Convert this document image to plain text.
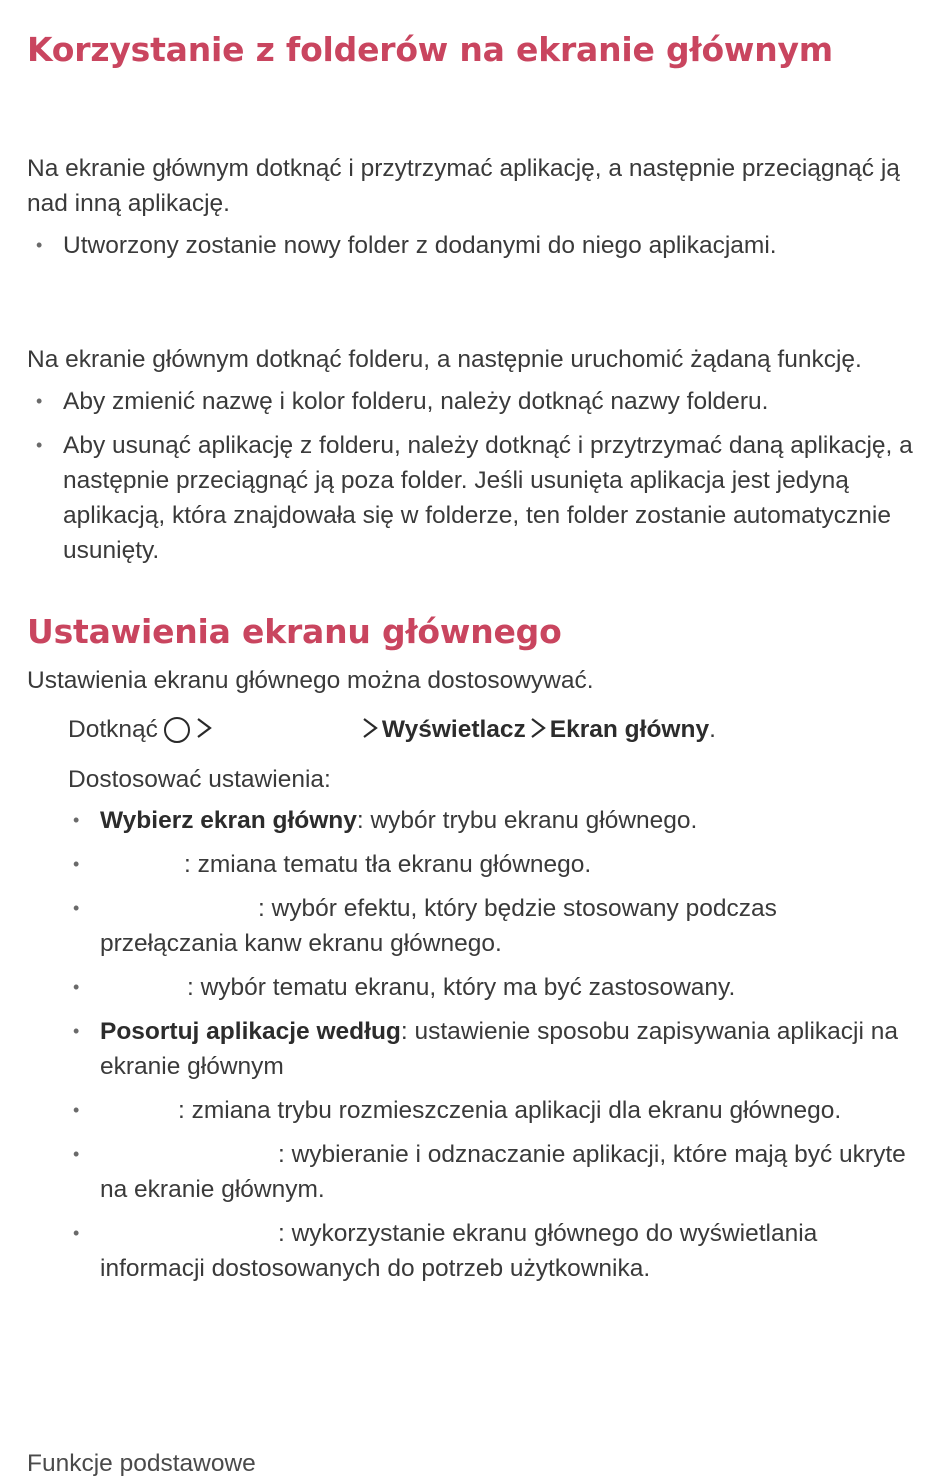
Korzystanie z folderów na ekranie głównym

Na ekranie głównym dotknąć i przytrzymać aplikację, a następnie przeciągnąć ją nad inną aplikację.

• Utworzony zostanie nowy folder z dodanymi do niego aplikacjami.

Na ekranie głównym dotknąć folderu, a następnie uruchomić żądaną funkcję.

• Aby zmienić nazwę i kolor folderu, należy dotknąć nazwy folderu.
• Aby usunąć aplikację z folderu, należy dotknąć i przytrzymać daną aplikację, a następnie przeciągnąć ją poza folder. Jeśli usunięta aplikacja jest jedyną aplikacją, która znajdowała się w folderze, ten folder zostanie automatycznie usunięty.
Ustawienia ekranu głównego

Ustawienia ekranu głównego można dostosowywać.

Dotknąć	Wyświetlacz Ekran główny.

Dostosować ustawienia:

• Wybierz ekran główny: wybór trybu ekranu głównego.
•	: zmiana tematu tła ekranu głównego.
•	: wybór efektu, który będzie stosowany podczas przełączania kanw ekranu głównego.
•	: wybór tematu ekranu, który ma być zastosowany.
• Posortuj aplikacje według: ustawienie sposobu zapisywania aplikacji na ekranie głównym
•	: zmiana trybu rozmieszczenia aplikacji dla ekranu głównego.
•	: wybieranie i odznaczanie aplikacji, które mają być ukryte na ekranie głównym.
•	: wykorzystanie ekranu głównego do wyświetlania informacji dostosowanych do potrzeb użytkownika.

Funkcje podstawowe
